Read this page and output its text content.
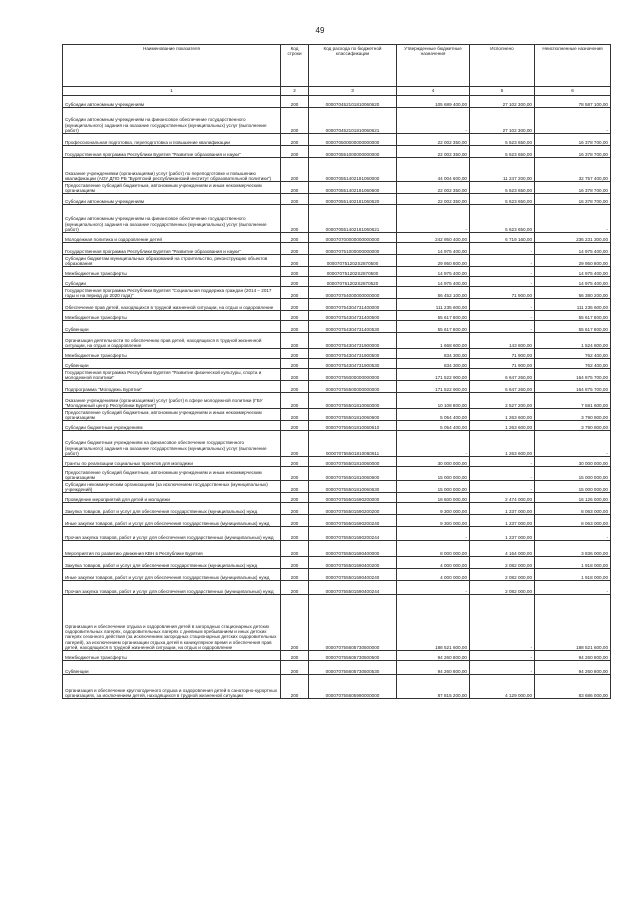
49
Наименование показателя	Код строки	Код расхода по бюджетной классификации	Утвержденные бюджетные назначения	Исполнено	Неисполненные назначения
1	2	3	4	5	6
Субсидии автономным учреждениям	200	000070452101810060620	105 689 400,00	27 102 300,00	78 587 100,00
Субсидии автономным учреждениям на финансовое обеспечение государственного (муниципального) задания на оказание государственных (муниципальных) услуг (выполнение работ)	200	000070452101810060621	-	27 102 300,00	-
Профессиональная подготовка, переподготовка и повышение квалификации	200	000070500000000000000	22 002 350,00	5 623 650,00	16 378 700,00
Государственная программа Республики Бурятия "Развитие образования и науки"	200	000070551000000000000	22 002 350,00	5 623 650,00	16 378 700,00
Оказание учреждениями (организациями) услуг (работ) по переподготовке и повышению квалификации (АОУ ДПО РБ "Бурятский республиканский институт образовательной политики")	200	000070551402181060000	44 004 600,00	11 247 200,00	32 757 400,00
Предоставление субсидий бюджетным, автономным учреждениям и иным некоммерческим организациям	200	000070551402181060600	22 002 350,00	5 623 650,00	16 378 700,00
Субсидии автономным учреждениям	200	000070551402181060620	22 002 350,00	5 623 650,00	16 378 700,00
Субсидии автономным учреждениям на финансовое обеспечение государственного (муниципального) задания на оказание государственных (муниципальных) услуг (выполнение работ)	200	000070551402181060621	-	5 623 650,00	-
Молодежная политика и оздоровление детей	200	000070700000000000000	242 950 400,00	6 719 160,00	236 231 300,00
Государственная программа Республики Бурятия "Развитие образования и науки"	200	000070751000000000000	14 975 400,00	-	14 975 400,00
Субсидии бюджетам муниципальных образований на строительство, реконструкцию объектов образования	200	000070751202S2870500	29 950 800,00	-	29 950 800,00
Межбюджетные трансферты	200	000070751202S2870500	14 975 400,00	-	14 975 400,00
Субсидии	200	000070751202S2870520	14 975 400,00	-	14 975 400,00
Государственная программа Республики Бурятия "Социальная поддержка граждан (2014 – 2017 годы и на период до 2020 года)"	200	000070754000000000000	56 452 100,00	71 900,00	56 380 200,00
Обеспечение прав детей, находящихся в трудной жизненной ситуации, на отдых и оздоровление	200	000070754304731400000	111 235 600,00	-	111 235 600,00
Межбюджетные трансферты	200	000070754304731400500	55 617 800,00	-	55 617 800,00
Субвенции	200	000070754304731400530	55 617 800,00	-	55 617 800,00
Организация деятельности по обеспечению прав детей, находящихся в трудной жизненной ситуации, на отдых и оздоровление	200	000070754304731900000	1 668 600,00	143 800,00	1 524 800,00
Межбюджетные трансферты	200	000070754304731900500	834 300,00	71 900,00	762 400,00
Субвенции	200	000070754304731900530	834 300,00	71 900,00	762 400,00
Государственная программа Республики Бурятия "Развитие физической культуры, спорта и молодежной политики"	200	000070755000000000000	171 522 900,00	6 647 260,00	164 875 700,00
Подпрограмма "Молодежь Бурятии"	200	000070755500000000000	171 522 900,00	6 647 260,00	164 875 700,00
Оказание учреждениями (организациями) услуг (работ) в сфере молодежной политики (ГБУ "Молодежный центр Республики Бурятия")	200	000070755501810060000	10 108 800,00	2 527 200,00	7 581 600,00
Предоставление субсидий бюджетным, автономным учреждениям и иным некоммерческим организациям	200	000070755501810060600	5 054 400,00	1 263 600,00	3 790 800,00
Субсидии бюджетным учреждениям	200	000070755501810060610	5 054 400,00	1 263 600,00	3 790 800,00
Субсидии бюджетным учреждениям на финансовое обеспечение государственного (муниципального) задания на оказание государственных (муниципальных) услуг (выполнение работ)	200	000070755501810060611	-	1 263 600,00	-
Гранты по реализации социальных проектов для молодежи	200	000070755501810060000	30 000 000,00	-	30 000 000,00
Предоставление субсидий бюджетным, автономным учреждениям и иным некоммерческим организациям	200	000070755501810060600	15 000 000,00	-	15 000 000,00
Субсидии некоммерческим организациям (за исключением государственных (муниципальных) учреждений)	200	000070755501810060630	15 000 000,00	-	15 000 000,00
Проведение мероприятий для детей и молодежи	200	000070755501590200000	18 600 000,00	2 474 000,00	16 126 000,00
Закупка товаров, работ и услуг для обеспечения государственных (муниципальных) нужд	200	000070755501590200200	9 300 000,00	1 237 000,00	8 063 000,00
Иные закупки товаров, работ и услуг для обеспечения государственных (муниципальных) нужд	200	000070755501590200240	9 300 000,00	1 237 000,00	8 063 000,00
Прочая закупка товаров, работ и услуг для обеспечения государственных (муниципальных) нужд	200	000070755501590200244	-	1 237 000,00	-
Мероприятия по развитию движения КВН в Республике Бурятия	200	000070755501590400000	8 000 000,00	4 164 000,00	3 836 000,00
Закупка товаров, работ и услуг для обеспечения государственных (муниципальных) нужд	200	000070755501590400200	4 000 000,00	2 082 000,00	1 918 000,00
Иные закупки товаров, работ и услуг для обеспечения государственных (муниципальных) нужд	200	000070755501590400240	4 000 000,00	2 082 000,00	1 918 000,00
Прочая закупка товаров, работ и услуг для обеспечения государственных (муниципальных) нужд	200	000070755501590400244	-	2 082 000,00	-
Организация и обеспечение отдыха и оздоровления детей в загородных стационарных детских оздоровительных лагерях, оздоровительных лагерях с дневным пребыванием и иных детских лагерях сезонного действия (за исключением загородных стационарных детских оздоровительных лагерей), за исключением организации отдыха детей в каникулярное время и обеспечения прав детей, находящихся в трудной жизненной ситуации, на отдых и оздоровление	200	000070755605730500000	188 521 600,00	-	188 521 600,00
Межбюджетные трансферты	200	000070755605730500500	94 260 800,00	-	94 260 800,00
Субвенции	200	000070755605730500530	94 260 800,00	-	94 260 800,00
Организация и обеспечение круглогодичного отдыха и оздоровления детей в санаторно-курортных организациях, за исключением детей, находящихся в трудной жизненной ситуации	200	000070755605990000000	87 815 200,00	4 129 000,00	83 686 000,00
